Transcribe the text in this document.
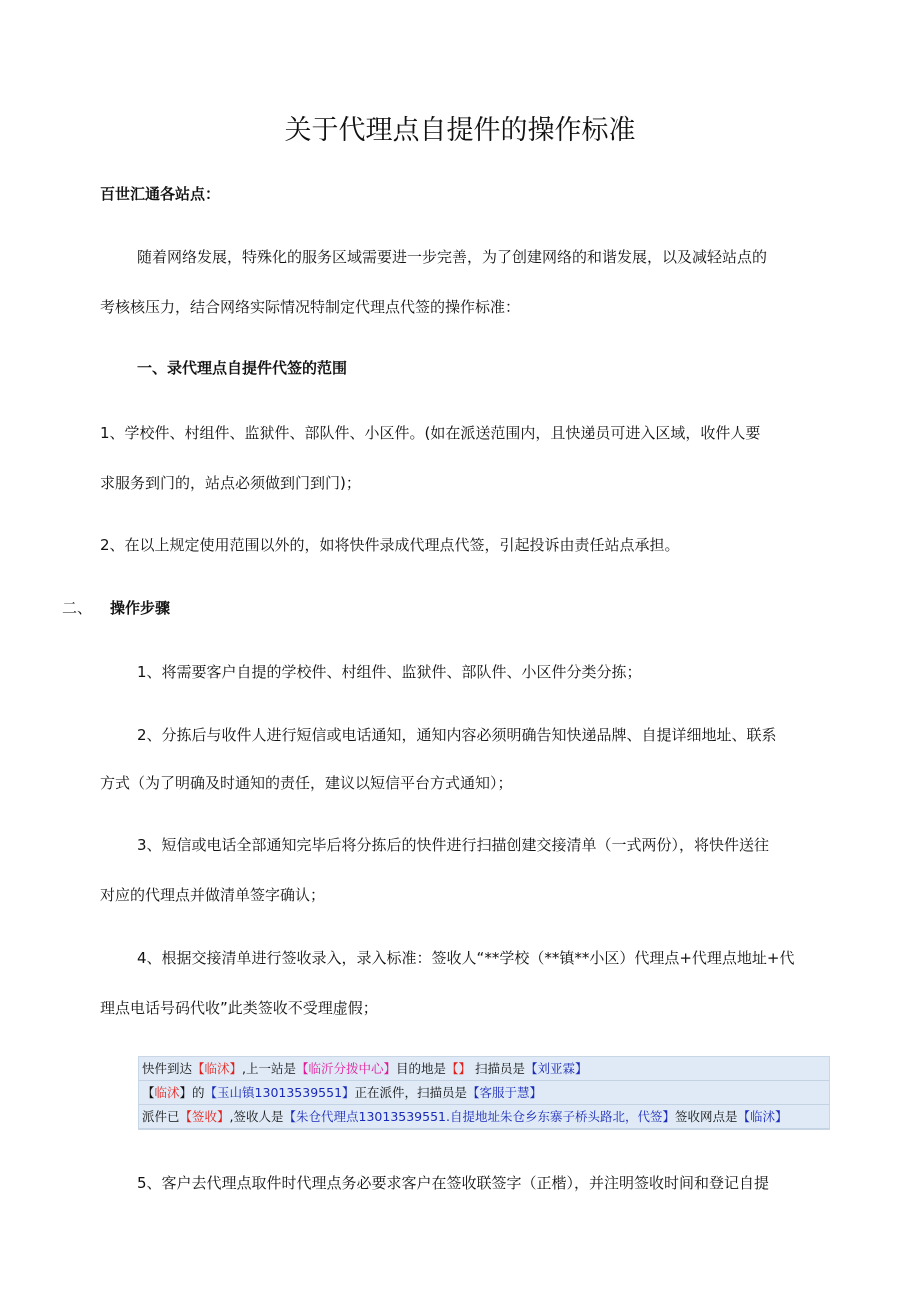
关于代理点自提件的操作标准
百世汇通各站点：
随着网络发展，特殊化的服务区域需要进一步完善，为了创建网络的和谐发展，以及减轻站点的
考核核压力，结合网络实际情况特制定代理点代签的操作标准：
一、录代理点自提件代签的范围
1、学校件、村组件、监狱件、部队件、小区件。(如在派送范围内，且快递员可进入区域，收件人要
求服务到门的，站点必须做到门到门)；
2、在以上规定使用范围以外的，如将快件录成代理点代签，引起投诉由责任站点承担。
二、 操作步骤
1、将需要客户自提的学校件、村组件、监狱件、部队件、小区件分类分拣；
2、分拣后与收件人进行短信或电话通知，通知内容必须明确告知快递品牌、自提详细地址、联系
方式（为了明确及时通知的责任，建议以短信平台方式通知）；
3、短信或电话全部通知完毕后将分拣后的快件进行扫描创建交接清单（一式两份），将快件送往
对应的代理点并做清单签字确认；
4、根据交接清单进行签收录入，录入标准：签收人“**学校（**镇**小区）代理点+代理点地址+代
理点电话号码代收”此类签收不受理虚假；
快件到达【临沭】,上一站是【临沂分拨中心】目的地是【】 扫描员是【刘亚霖】
【临沭】的【玉山镇13013539551】正在派件，扫描员是【客服于慧】
派件已【签收】,签收人是【朱仓代理点13013539551.自提地址朱仓乡东寨子桥头路北，代签】签收网点是【临沭】
5、客户去代理点取件时代理点务必要求客户在签收联签字（正楷），并注明签收时间和登记自提
